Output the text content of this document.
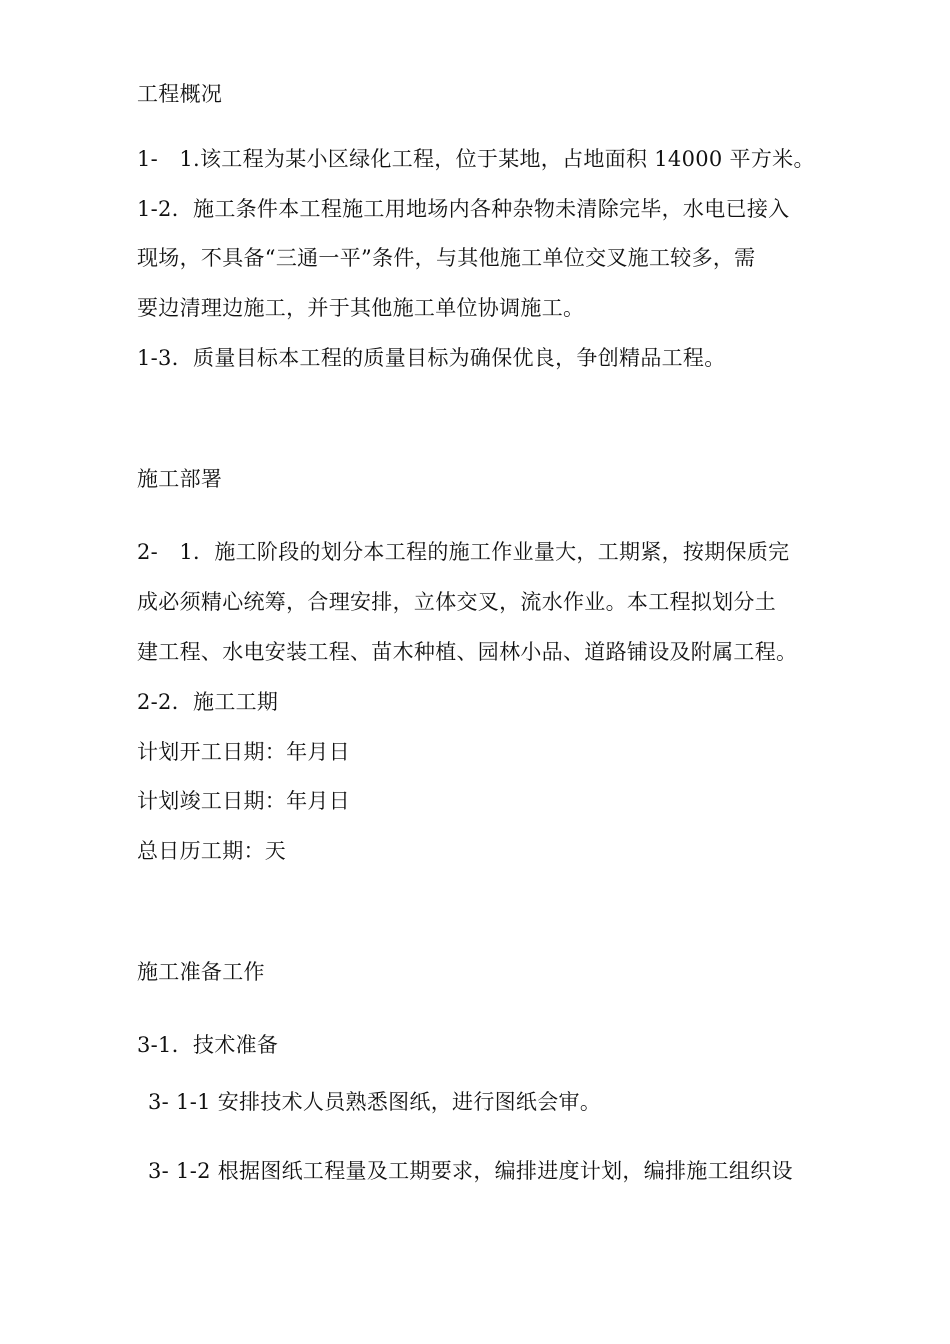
工程概况
1-　1.该工程为某小区绿化工程，位于某地，占地面积 14000 平方米。
1-2．施工条件本工程施工用地场内各种杂物未清除完毕，水电已接入
现场，不具备“三通一平”条件，与其他施工单位交叉施工较多，需
要边清理边施工，并于其他施工单位协调施工。
1-3．质量目标本工程的质量目标为确保优良，争创精品工程。
施工部署
2-　1．施工阶段的划分本工程的施工作业量大，工期紧，按期保质完
成必须精心统筹，合理安排，立体交叉，流水作业。本工程拟划分土
建工程、水电安装工程、苗木种植、园林小品、道路铺设及附属工程。
2-2．施工工期
计划开工日期：年月日
计划竣工日期：年月日
总日历工期：天
施工准备工作
3-1．技术准备
3- 1-1 安排技术人员熟悉图纸，进行图纸会审。
3- 1-2 根据图纸工程量及工期要求，编排进度计划，编排施工组织设
